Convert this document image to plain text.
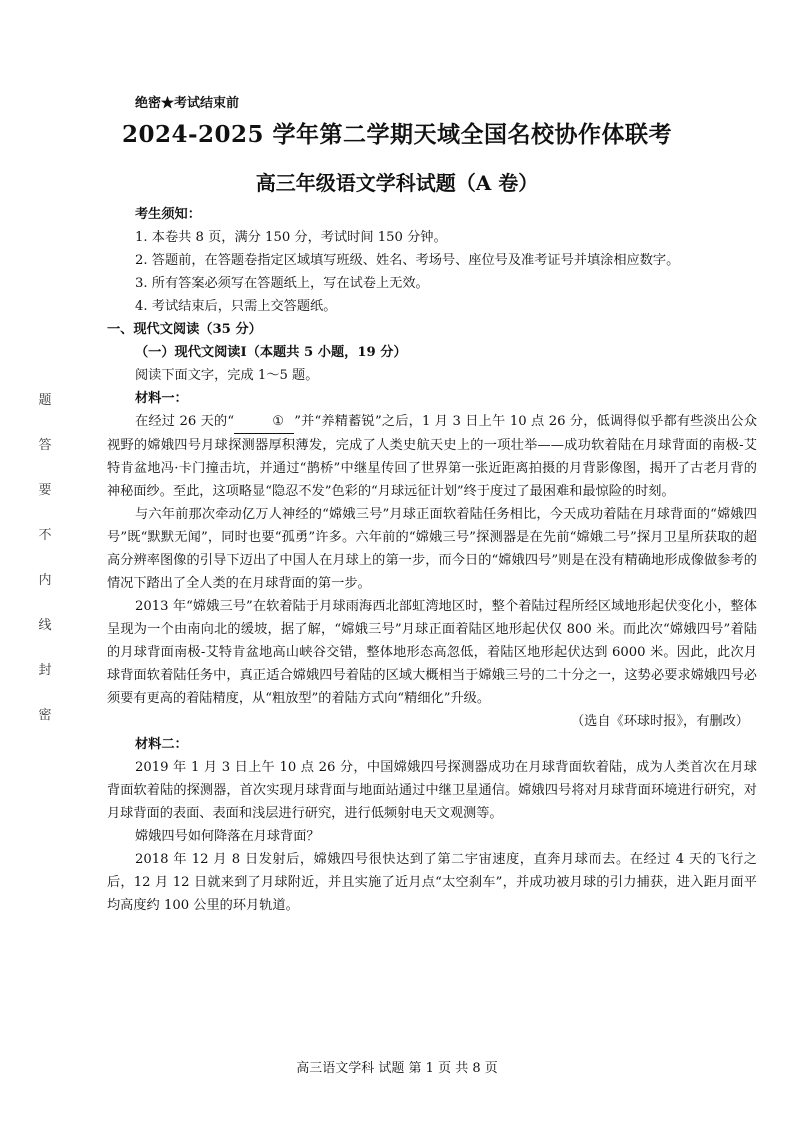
绝密★考试结束前
2024-2025 学年第二学期天域全国名校协作体联考
高三年级语文学科试题（A 卷）
题
答
要
不
内
线
封
密
考生须知：
1. 本卷共 8 页，满分 150 分，考试时间 150 分钟。
2. 答题前，在答题卷指定区域填写班级、姓名、考场号、座位号及准考证号并填涂相应数字。
3. 所有答案必须写在答题纸上，写在试卷上无效。
4. 考试结束后，只需上交答题纸。
一、现代文阅读（35 分）
（一）现代文阅读Ⅰ（本题共 5 小题，19 分）
阅读下面文字，完成 1～5 题。
材料一：
在经过 26 天的“	① ”并“养精蓄锐”之后，1 月 3 日上午 10 点 26 分，低调得似乎都有些淡出公众视野的嫦娥四号月球探测器厚积薄发，完成了人类史航天史上的一项壮举——成功软着陆在月球背面的南极-艾特肯盆地冯·卡门撞击坑，并通过“鹊桥”中继星传回了世界第一张近距离拍摄的月背影像图，揭开了古老月背的神秘面纱。至此，这项略显“隐忍不发”色彩的“月球远征计划”终于度过了最困难和最惊险的时刻。
与六年前那次牵动亿万人神经的“嫦娥三号”月球正面软着陆任务相比，今天成功着陆在月球背面的“嫦娥四号”既“默默无闻”，同时也要“孤勇”许多。六年前的“嫦娥三号”探测器是在先前“嫦娥二号”探月卫星所获取的超高分辨率图像的引导下迈出了中国人在月球上的第一步，而今日的“嫦娥四号”则是在没有精确地形成像做参考的情况下踏出了全人类的在月球背面的第一步。
2013 年“嫦娥三号”在软着陆于月球雨海西北部虹湾地区时，整个着陆过程所经区域地形起伏变化小，整体呈现为一个由南向北的缓坡，据了解，“嫦娥三号”月球正面着陆区地形起伏仅 800 米。而此次“嫦娥四号”着陆的月球背面南极-艾特肯盆地高山峡谷交错，整体地形态高忽低，着陆区地形起伏达到 6000 米。因此，此次月球背面软着陆任务中，真正适合嫦娥四号着陆的区域大概相当于嫦娥三号的二十分之一，这势必要求嫦娥四号必须要有更高的着陆精度，从“粗放型”的着陆方式向“精细化”升级。
（选自《环球时报》，有删改）
材料二：
2019 年 1 月 3 日上午 10 点 26 分，中国嫦娥四号探测器成功在月球背面软着陆，成为人类首次在月球背面软着陆的探测器，首次实现月球背面与地面站通过中继卫星通信。嫦娥四号将对月球背面环境进行研究，对月球背面的表面、表面和浅层进行研究，进行低频射电天文观测等。
嫦娥四号如何降落在月球背面？
2018 年 12 月 8 日发射后，嫦娥四号很快达到了第二宇宙速度，直奔月球而去。在经过 4 天的飞行之后，12 月 12 日就来到了月球附近，并且实施了近月点“太空刹车”，并成功被月球的引力捕获，进入距月面平均高度约 100 公里的环月轨道。
高三语文学科 试题 第 1 页 共 8 页
